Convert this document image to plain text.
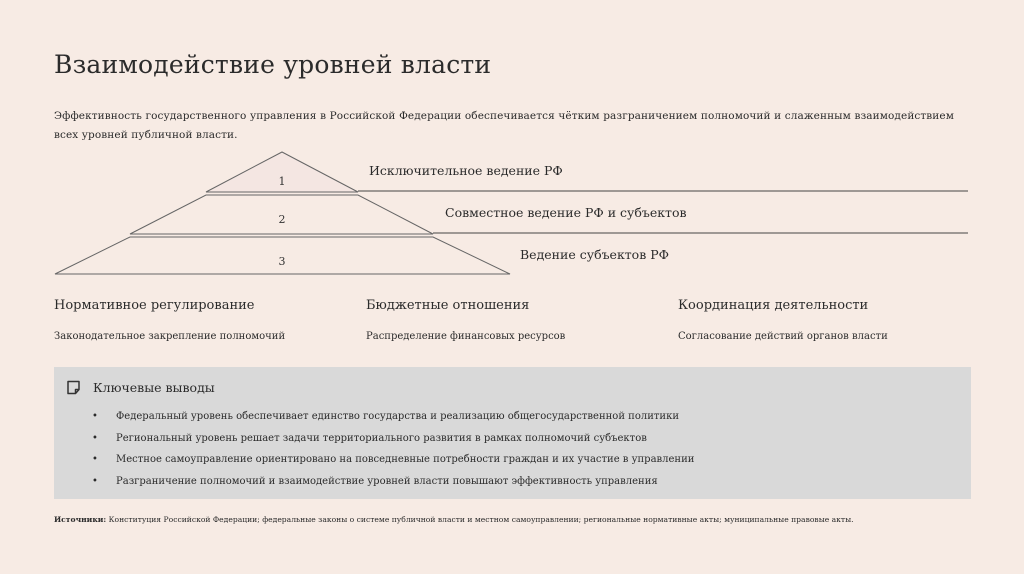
Взаимодействие уровней власти

Эффективность государственного управления в Российской Федерации обеспечивается чётким разграничением полномочий и слаженным взаимодействием всех уровней публичной власти.

1
2
3
Исключительное ведение РФ
Совместное ведение РФ и субъектов
Ведение субъектов РФ
Нормативное регулирование

Законодательное закрепление полномочий

Бюджетные отношения

Распределение финансовых ресурсов

Координация деятельности

Согласование действий органов власти

Ключевые выводы
•	Федеральный уровень обеспечивает единство государства и реализацию общегосударственной политики
•	Региональный уровень решает задачи территориального развития в рамках полномочий субъектов
•	Местное самоуправление ориентировано на повседневные потребности граждан и их участие в управлении
•	Разграничение полномочий и взаимодействие уровней власти повышают эффективность управления
Источники: Конституция Российской Федерации; федеральные законы о системе публичной власти и местном самоуправлении; региональные нормативные акты; муниципальные правовые акты.
